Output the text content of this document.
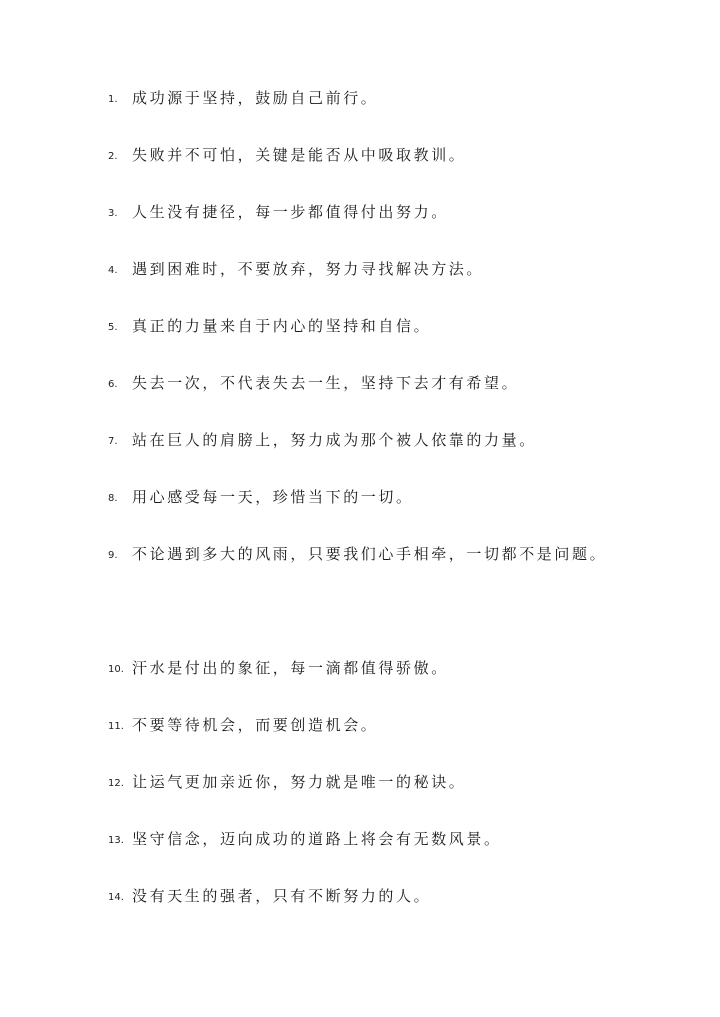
1. 成功源于坚持，鼓励自己前行。
2. 失败并不可怕，关键是能否从中吸取教训。
3. 人生没有捷径，每一步都值得付出努力。
4. 遇到困难时，不要放弃，努力寻找解决方法。
5. 真正的力量来自于内心的坚持和自信。
6. 失去一次，不代表失去一生，坚持下去才有希望。
7. 站在巨人的肩膀上，努力成为那个被人依靠的力量。
8. 用心感受每一天，珍惜当下的一切。
9. 不论遇到多大的风雨，只要我们心手相牵，一切都不是问题。
10. 汗水是付出的象征，每一滴都值得骄傲。
11. 不要等待机会，而要创造机会。
12. 让运气更加亲近你，努力就是唯一的秘诀。
13. 坚守信念，迈向成功的道路上将会有无数风景。
14. 没有天生的强者，只有不断努力的人。
